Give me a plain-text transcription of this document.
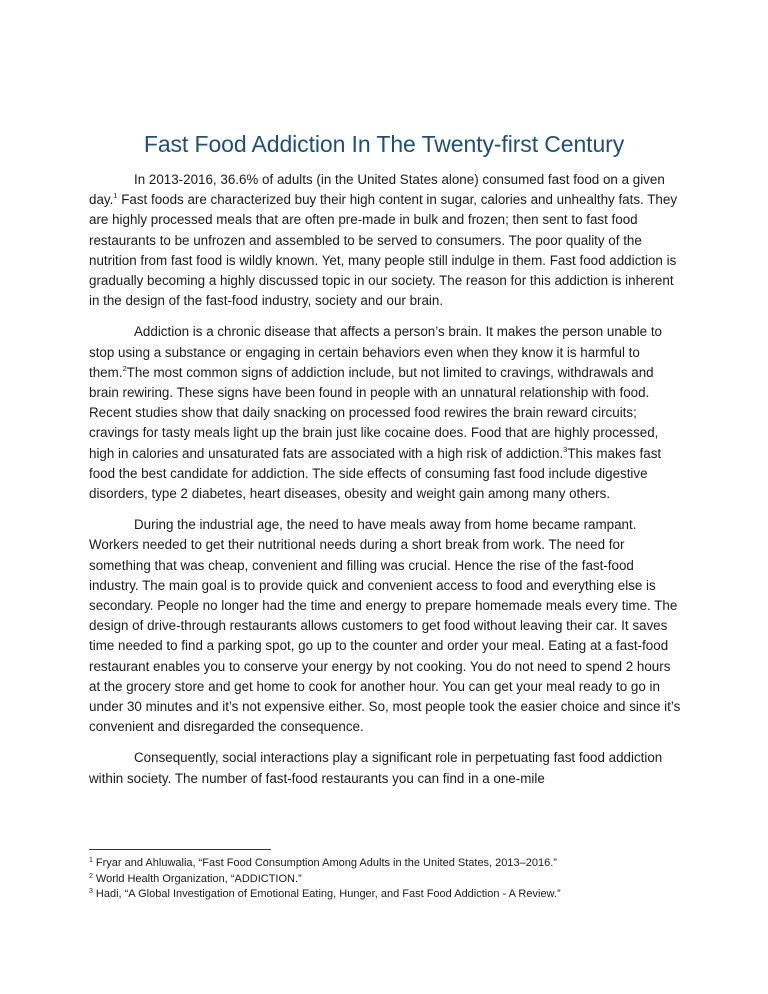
Fast Food Addiction In The Twenty-first Century

In 2013-2016, 36.6% of adults (in the United States alone) consumed fast food on a given day.$^1$ Fast foods are characterized buy their high content in sugar, calories and unhealthy fats. They are highly processed meals that are often pre-made in bulk and frozen; then sent to fast food restaurants to be unfrozen and assembled to be served to consumers. The poor quality of the nutrition from fast food is wildly known. Yet, many people still indulge in them. Fast food addiction is gradually becoming a highly discussed topic in our society. The reason for this addiction is inherent in the design of the fast-food industry, society and our brain.

Addiction is a chronic disease that affects a person’s brain. It makes the person unable to stop using a substance or engaging in certain behaviors even when they know it is harmful to them.$^2$The most common signs of addiction include, but not limited to cravings, withdrawals and brain rewiring. These signs have been found in people with an unnatural relationship with food. Recent studies show that daily snacking on processed food rewires the brain reward circuits; cravings for tasty meals light up the brain just like cocaine does. Food that are highly processed, high in calories and unsaturated fats are associated with a high risk of addiction.$^3$This makes fast food the best candidate for addiction. The side effects of consuming fast food include digestive disorders, type 2 diabetes, heart diseases, obesity and weight gain among many others.

During the industrial age, the need to have meals away from home became rampant. Workers needed to get their nutritional needs during a short break from work. The need for something that was cheap, convenient and filling was crucial. Hence the rise of the fast-food industry. The main goal is to provide quick and convenient access to food and everything else is secondary. People no longer had the time and energy to prepare homemade meals every time. The design of drive-through restaurants allows customers to get food without leaving their car. It saves time needed to find a parking spot, go up to the counter and order your meal. Eating at a fast-food restaurant enables you to conserve your energy by not cooking. You do not need to spend 2 hours at the grocery store and get home to cook for another hour. You can get your meal ready to go in under 30 minutes and it’s not expensive either. So, most people took the easier choice and since it’s convenient and disregarded the consequence.

Consequently, social interactions play a significant role in perpetuating fast food addiction within society. The number of fast-food restaurants you can find in a one-mile

$^1$ Fryar and Ahluwalia, “Fast Food Consumption Among Adults in the United States, 2013–2016.”
$^2$ World Health Organization, “ADDICTION.”
$^3$ Hadi, “A Global Investigation of Emotional Eating, Hunger, and Fast Food Addiction - A Review.”
